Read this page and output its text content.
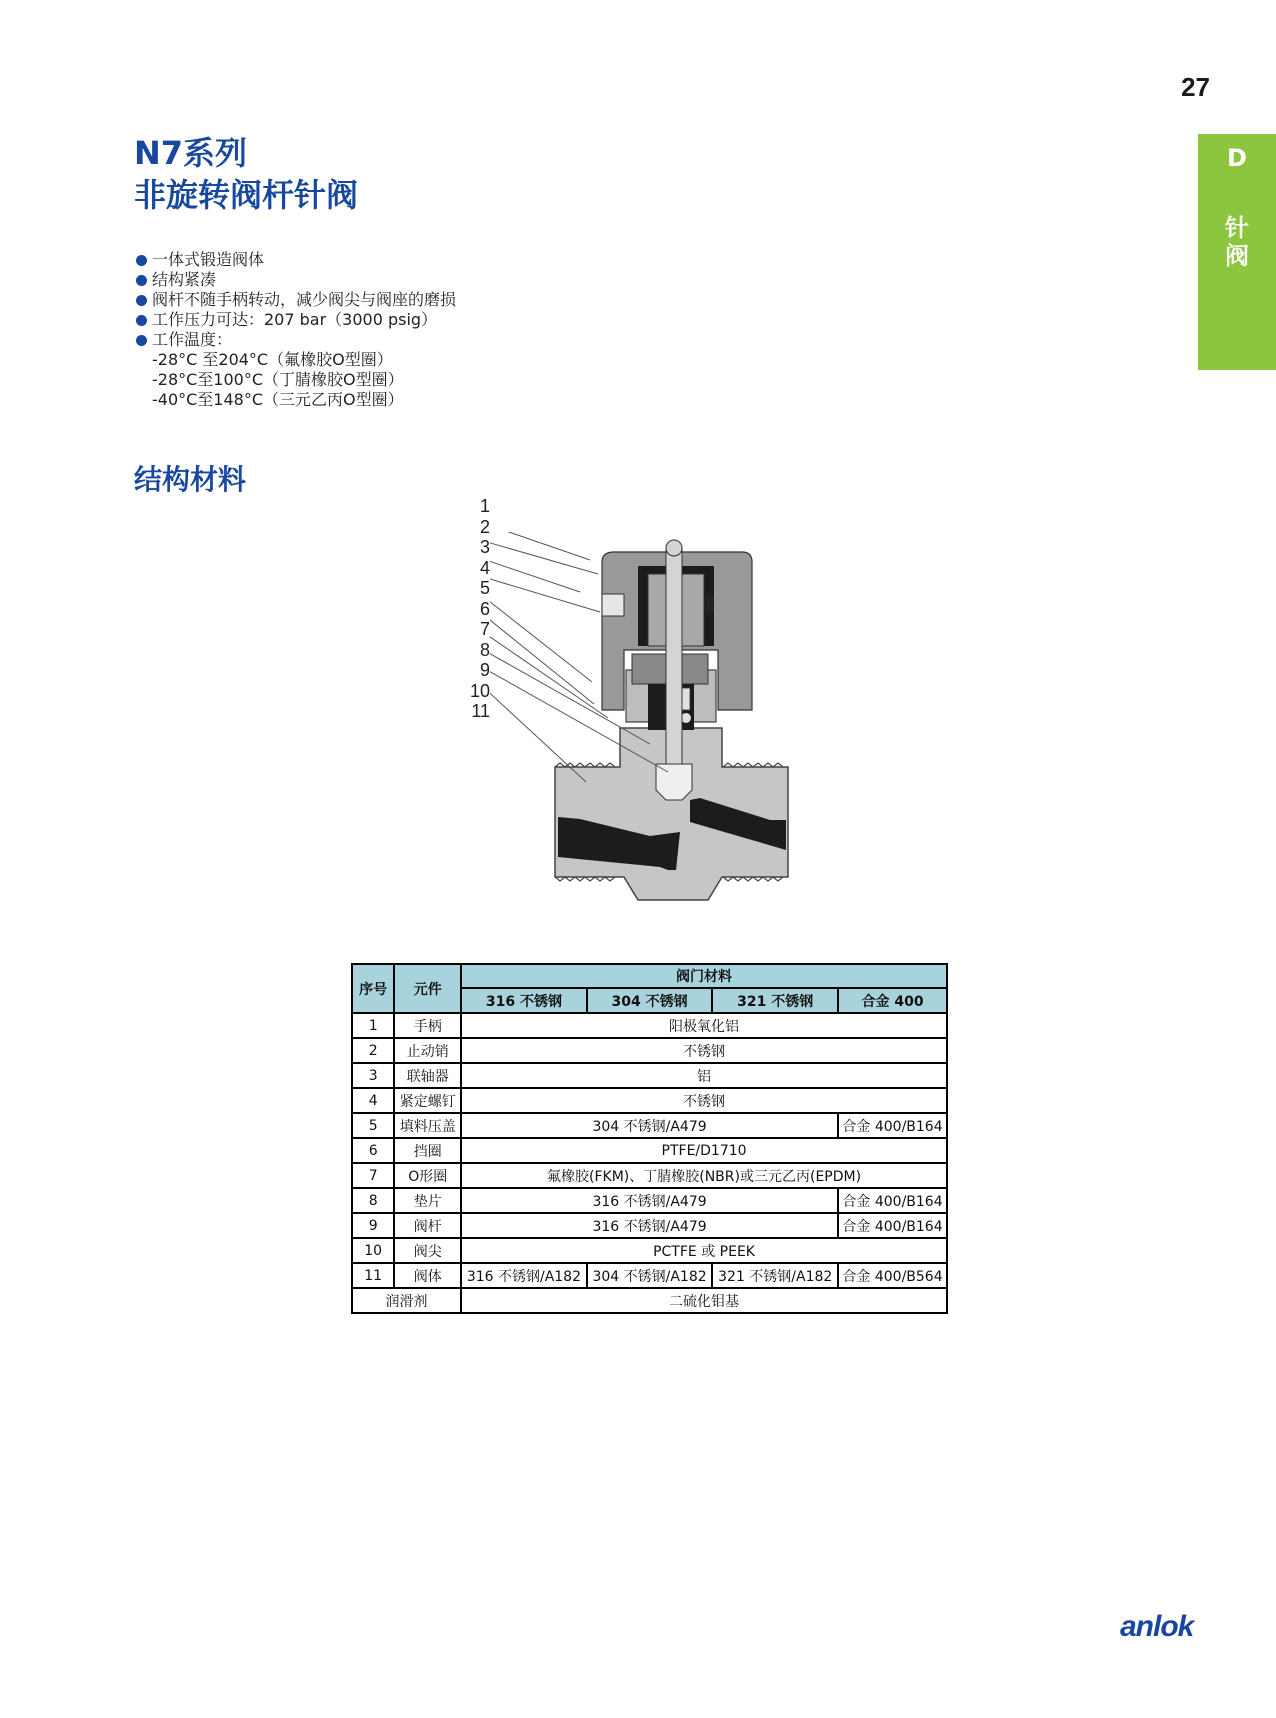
27
D
针
阀
N7系列
非旋转阀杆针阀
一体式锻造阀体
结构紧凑
阀杆不随手柄转动，减少阀尖与阀座的磨损
工作压力可达：207 bar（3000 psig）
工作温度：
-28°C 至204°C（氟橡胶O型圈）
-28°C至100°C（丁腈橡胶O型圈）
-40°C至148°C（三元乙丙O型圈）
结构材料
1
2
3
4
5
6
7
8
9
10
11
序号	元件	阀门材料			
		316 不锈钢	304 不锈钢	321 不锈钢	合金 400
1	手柄	阳极氧化铝			
2	止动销	不锈钢			
3	联轴器	铝			
4	紧定螺钉	不锈钢			
5	填料压盖	304 不锈钢/A479			合金 400/B164
6	挡圈	PTFE/D1710			
7	O形圈	氟橡胶(FKM)、丁腈橡胶(NBR)或三元乙丙(EPDM)			
8	垫片	316 不锈钢/A479			合金 400/B164
9	阀杆	316 不锈钢/A479			合金 400/B164
10	阀尖	PCTFE 或 PEEK			
11	阀体	316 不锈钢/A182	304 不锈钢/A182	321 不锈钢/A182	合金 400/B564
润滑剂		二硫化钼基			
anlok
